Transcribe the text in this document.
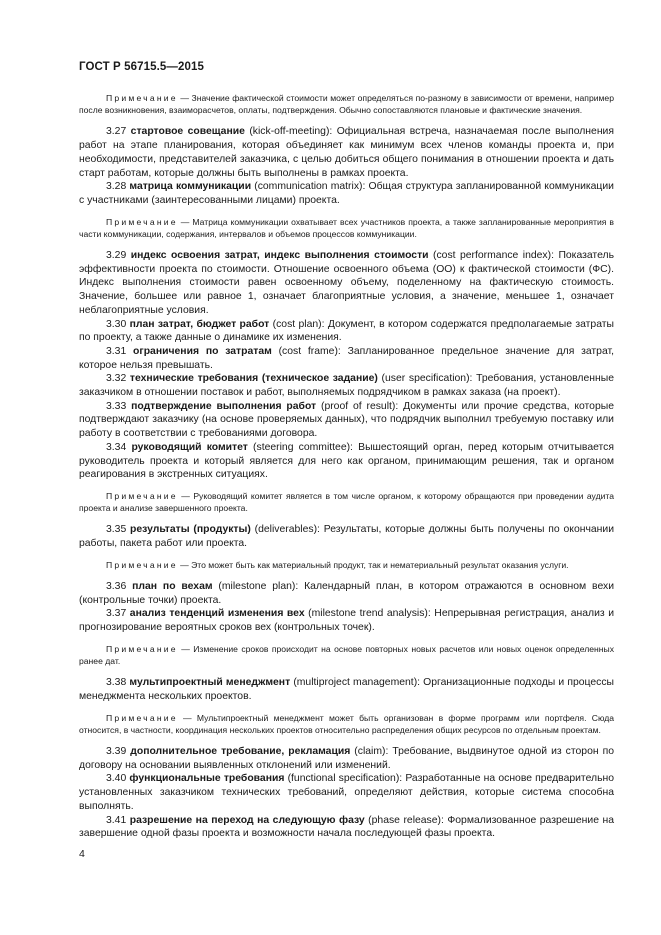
ГОСТ Р 56715.5—2015

Примечание — Значение фактической стоимости может определяться по-разному в зависимости от времени, например после возникновения, взаиморасчетов, оплаты, подтверждения. Обычно сопоставляются плановые и фактические значения.

3.27 стартовое совещание (kick-off-meeting): Официальная встреча, назначаемая после выполнения работ на этапе планирования, которая объединяет как минимум всех членов команды проекта и, при необходимости, представителей заказчика, с целью добиться общего понимания в отношении проекта и дать старт работам, которые должны быть выполнены в рамках проекта.

3.28 матрица коммуникации (communication matrix): Общая структура запланированной коммуникации с участниками (заинтересованными лицами) проекта.

Примечание — Матрица коммуникации охватывает всех участников проекта, а также запланированные мероприятия в части коммуникации, содержания, интервалов и объемов процессов коммуникации.

3.29 индекс освоения затрат, индекс выполнения стоимости (cost performance index): Показатель эффективности проекта по стоимости. Отношение освоенного объема (ОО) к фактической стоимости (ФС). Индекс выполнения стоимости равен освоенному объему, поделенному на фактическую стоимость. Значение, большее или равное 1, означает благоприятные условия, а значение, меньшее 1, означает неблагоприятные условия.

3.30 план затрат, бюджет работ (cost plan): Документ, в котором содержатся предполагаемые затраты по проекту, а также данные о динамике их изменения.

3.31 ограничения по затратам (cost frame): Запланированное предельное значение для затрат, которое нельзя превышать.

3.32 технические требования (техническое задание) (user specification): Требования, установленные заказчиком в отношении поставок и работ, выполняемых подрядчиком в рамках заказа (на проект).

3.33 подтверждение выполнения работ (proof of result): Документы или прочие средства, которые подтверждают заказчику (на основе проверяемых данных), что подрядчик выполнил требуемую поставку или работу в соответствии с требованиями договора.

3.34 руководящий комитет (steering committee): Вышестоящий орган, перед которым отчитывается руководитель проекта и который является для него как органом, принимающим решения, так и органом реагирования в экстренных ситуациях.

Примечание — Руководящий комитет является в том числе органом, к которому обращаются при проведении аудита проекта и анализе завершенного проекта.

3.35 результаты (продукты) (deliverables): Результаты, которые должны быть получены по окончании работы, пакета работ или проекта.

Примечание — Это может быть как материальный продукт, так и нематериальный результат оказания услуги.

3.36 план по вехам (milestone plan): Календарный план, в котором отражаются в основном вехи (контрольные точки) проекта.

3.37 анализ тенденций изменения вех (milestone trend analysis): Непрерывная регистрация, анализ и прогнозирование вероятных сроков вех (контрольных точек).

Примечание — Изменение сроков происходит на основе повторных новых расчетов или новых оценок определенных ранее дат.

3.38 мультипроектный менеджмент (multiproject management): Организационные подходы и процессы менеджмента нескольких проектов.

Примечание — Мультипроектный менеджмент может быть организован в форме программ или портфеля. Сюда относится, в частности, координация нескольких проектов относительно распределения общих ресурсов по отдельным проектам.

3.39 дополнительное требование, рекламация (claim): Требование, выдвинутое одной из сторон по договору на основании выявленных отклонений или изменений.

3.40 функциональные требования (functional specification): Разработанные на основе предварительно установленных заказчиком технических требований, определяют действия, которые система способна выполнять.

3.41 разрешение на переход на следующую фазу (phase release): Формализованное разрешение на завершение одной фазы проекта и возможности начала последующей фазы проекта.

4
